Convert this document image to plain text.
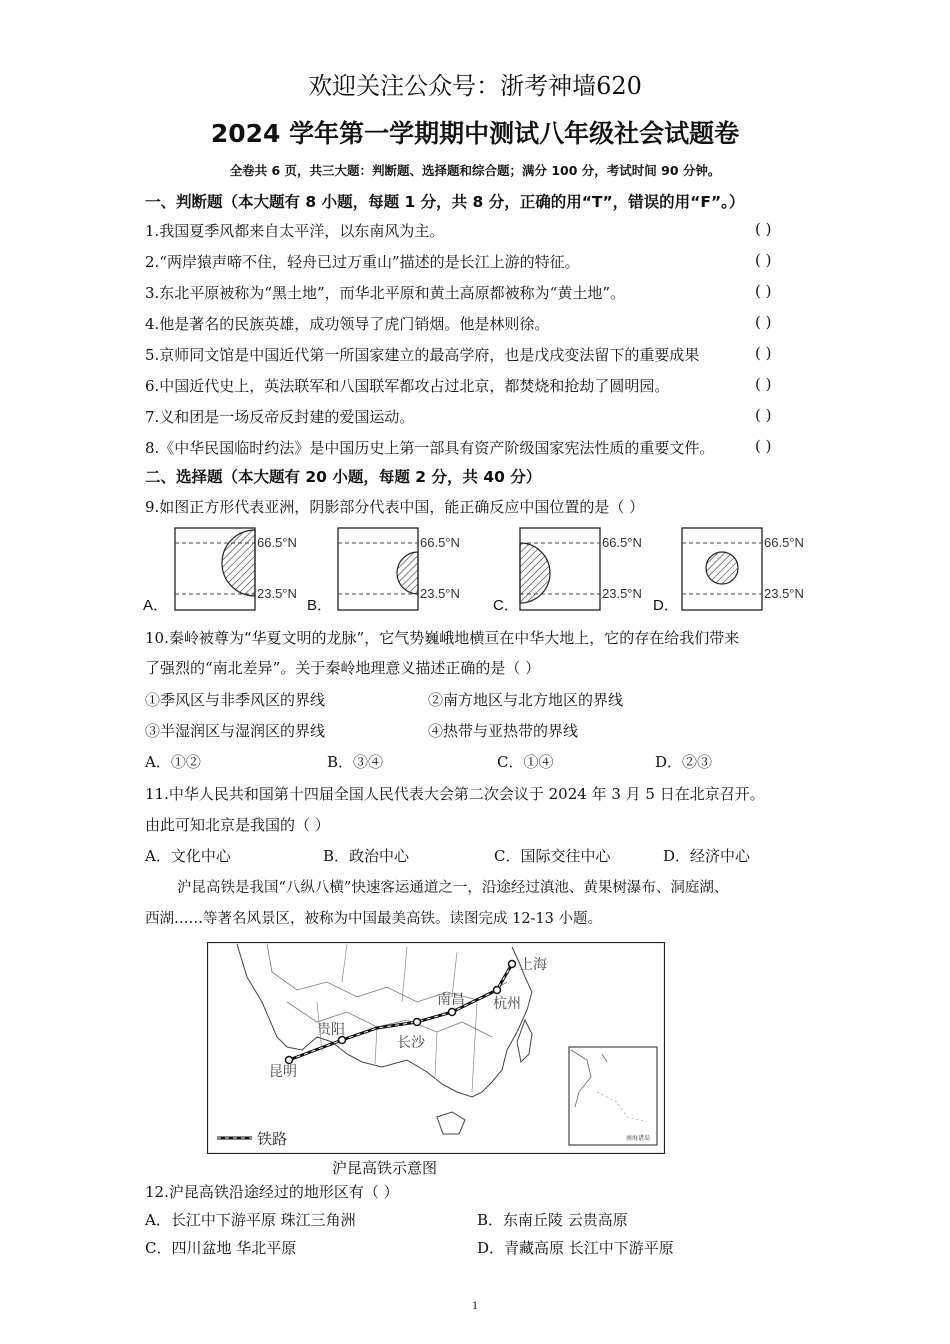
欢迎关注公众号：浙考神墙620
2024 学年第一学期期中测试八年级社会试题卷
全卷共 6 页，共三大题：判断题、选择题和综合题；满分 100 分，考试时间 90 分钟。
一、判断题（本大题有 8 小题，每题 1 分，共 8 分，正确的用“T”，错误的用“F”。）
1.我国夏季风都来自太平洋，以东南风为主。	( )
2.“两岸猿声啼不住，轻舟已过万重山”描述的是长江上游的特征。	( )
3.东北平原被称为“黑土地”，而华北平原和黄土高原都被称为“黄土地”。	( )
4.他是著名的民族英雄，成功领导了虎门销烟。他是林则徐。	( )
5.京师同文馆是中国近代第一所国家建立的最高学府，也是戊戌变法留下的重要成果	( )
6.中国近代史上，英法联军和八国联军都攻占过北京，都焚烧和抢劫了圆明园。	( )
7.义和团是一场反帝反封建的爱国运动。	( )
8.《中华民国临时约法》是中国历史上第一部具有资产阶级国家宪法性质的重要文件。	( )
二、选择题（本大题有 20 小题，每题 2 分，共 40 分）
9.如图正方形代表亚洲，阴影部分代表中国，能正确反应中国位置的是（ ）
66.5°N
23.5°N
A．
66.5°N
23.5°N
B．
66.5°N
23.5°N
C．
66.5°N
23.5°N
D．
10.秦岭被尊为“华夏文明的龙脉”，它气势巍峨地横亘在中华大地上，它的存在给我们带来
了强烈的“南北差异”。关于秦岭地理意义描述正确的是（ ）
①季风区与非季风区的界线	②南方地区与北方地区的界线
③半湿润区与湿润区的界线	④热带与亚热带的界线
A．①②	B．③④	C．①④	D．②③
11.中华人民共和国第十四届全国人民代表大会第二次会议于 2024 年 3 月 5 日在北京召开。
由此可知北京是我国的（ ）
A．文化中心	B．政治中心	C．国际交往中心	D．经济中心
沪昆高铁是我国“八纵八横”快速客运通道之一，沿途经过滇池、黄果树瀑布、洞庭湖、
西湖……等著名风景区，被称为中国最美高铁。读图完成 12-13 小题。
昆明
贵阳
长沙
南昌 杭州
上海
南海诸岛
铁路
沪昆高铁示意图
12.沪昆高铁沿途经过的地形区有（ ）
A．长江中下游平原 珠江三角洲	B．东南丘陵 云贵高原
C．四川盆地 华北平原	D．青藏高原 长江中下游平原
1
